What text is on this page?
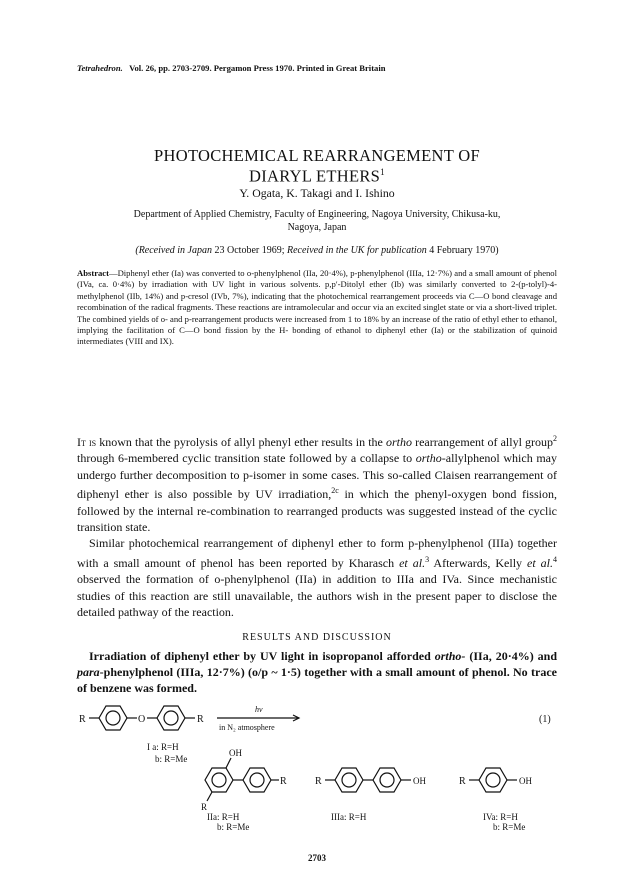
Tetrahedron. Vol. 26, pp. 2703-2709. Pergamon Press 1970. Printed in Great Britain
PHOTOCHEMICAL REARRANGEMENT OF
DIARYL ETHERS$^1$
Y. Ogata, K. Takagi and I. Ishino
Department of Applied Chemistry, Faculty of Engineering, Nagoya University, Chikusa-ku,
Nagoya, Japan
(Received in Japan 23 October 1969; Received in the UK for publication 4 February 1970)
Abstract—Diphenyl ether (Ia) was converted to o-phenylphenol (IIa, 20·4%), p-phenylphenol (IIIa, 12·7%) and a small amount of phenol (IVa, ca. 0·4%) by irradiation with UV light in various solvents. p,p′-Ditolyl ether (Ib) was similarly converted to 2-(p-tolyl)-4-methylphenol (IIb, 14%) and p-cresol (IVb, 7%), indicating that the photochemical rearrangement proceeds via C—O bond cleavage and recombination of the radical fragments. These reactions are intramolecular and occur via an excited singlet state or via a short-lived triplet. The combined yields of o- and p-rearrangement products were increased from 1 to 18% by an increase of the ratio of ethyl ether to ethanol, implying the facilitation of C—O bond fission by the H- bonding of ethanol to diphenyl ether (Ia) or the stabilization of quinoid intermediates (VIII and IX).

It is known that the pyrolysis of allyl phenyl ether results in the ortho rearrangement of allyl group$^2$ through 6-membered cyclic transition state followed by a collapse to ortho-allylphenol which may undergo further decomposition to p-isomer in some cases. This so-called Claisen rearrangement of diphenyl ether is also possible by UV irradiation,$^{2c}$ in which the phenyl-oxygen bond fission, followed by the internal re-combination to rearranged products was suggested instead of the cyclic transition state.

Similar photochemical rearrangement of diphenyl ether to form p-phenylphenol (IIIa) together with a small amount of phenol has been reported by Kharasch et al.$^3$ Afterwards, Kelly et al.$^4$ observed the formation of o-phenylphenol (IIa) in addition to IIIa and IVa. Since mechanistic studies of this reaction are still unavailable, the authors wish in the present paper to disclose the detailed pathway of the reaction.

RESULTS AND DISCUSSION
Irradiation of diphenyl ether by UV light in isopropanol afforded ortho- (IIa, 20·4%) and para-phenylphenol (IIIa, 12·7%) (o/p ~ 1·5) together with a small amount of phenol. No trace of benzene was formed.
R	O	R
hν
in N₂ atmosphere
(1)
I a: R=H
b: R=Me
OH
R
R
IIa: R=H
b: R=Me
R	OH
IIIa: R=H
R	OH
IVa: R=H
b: R=Me
2703
